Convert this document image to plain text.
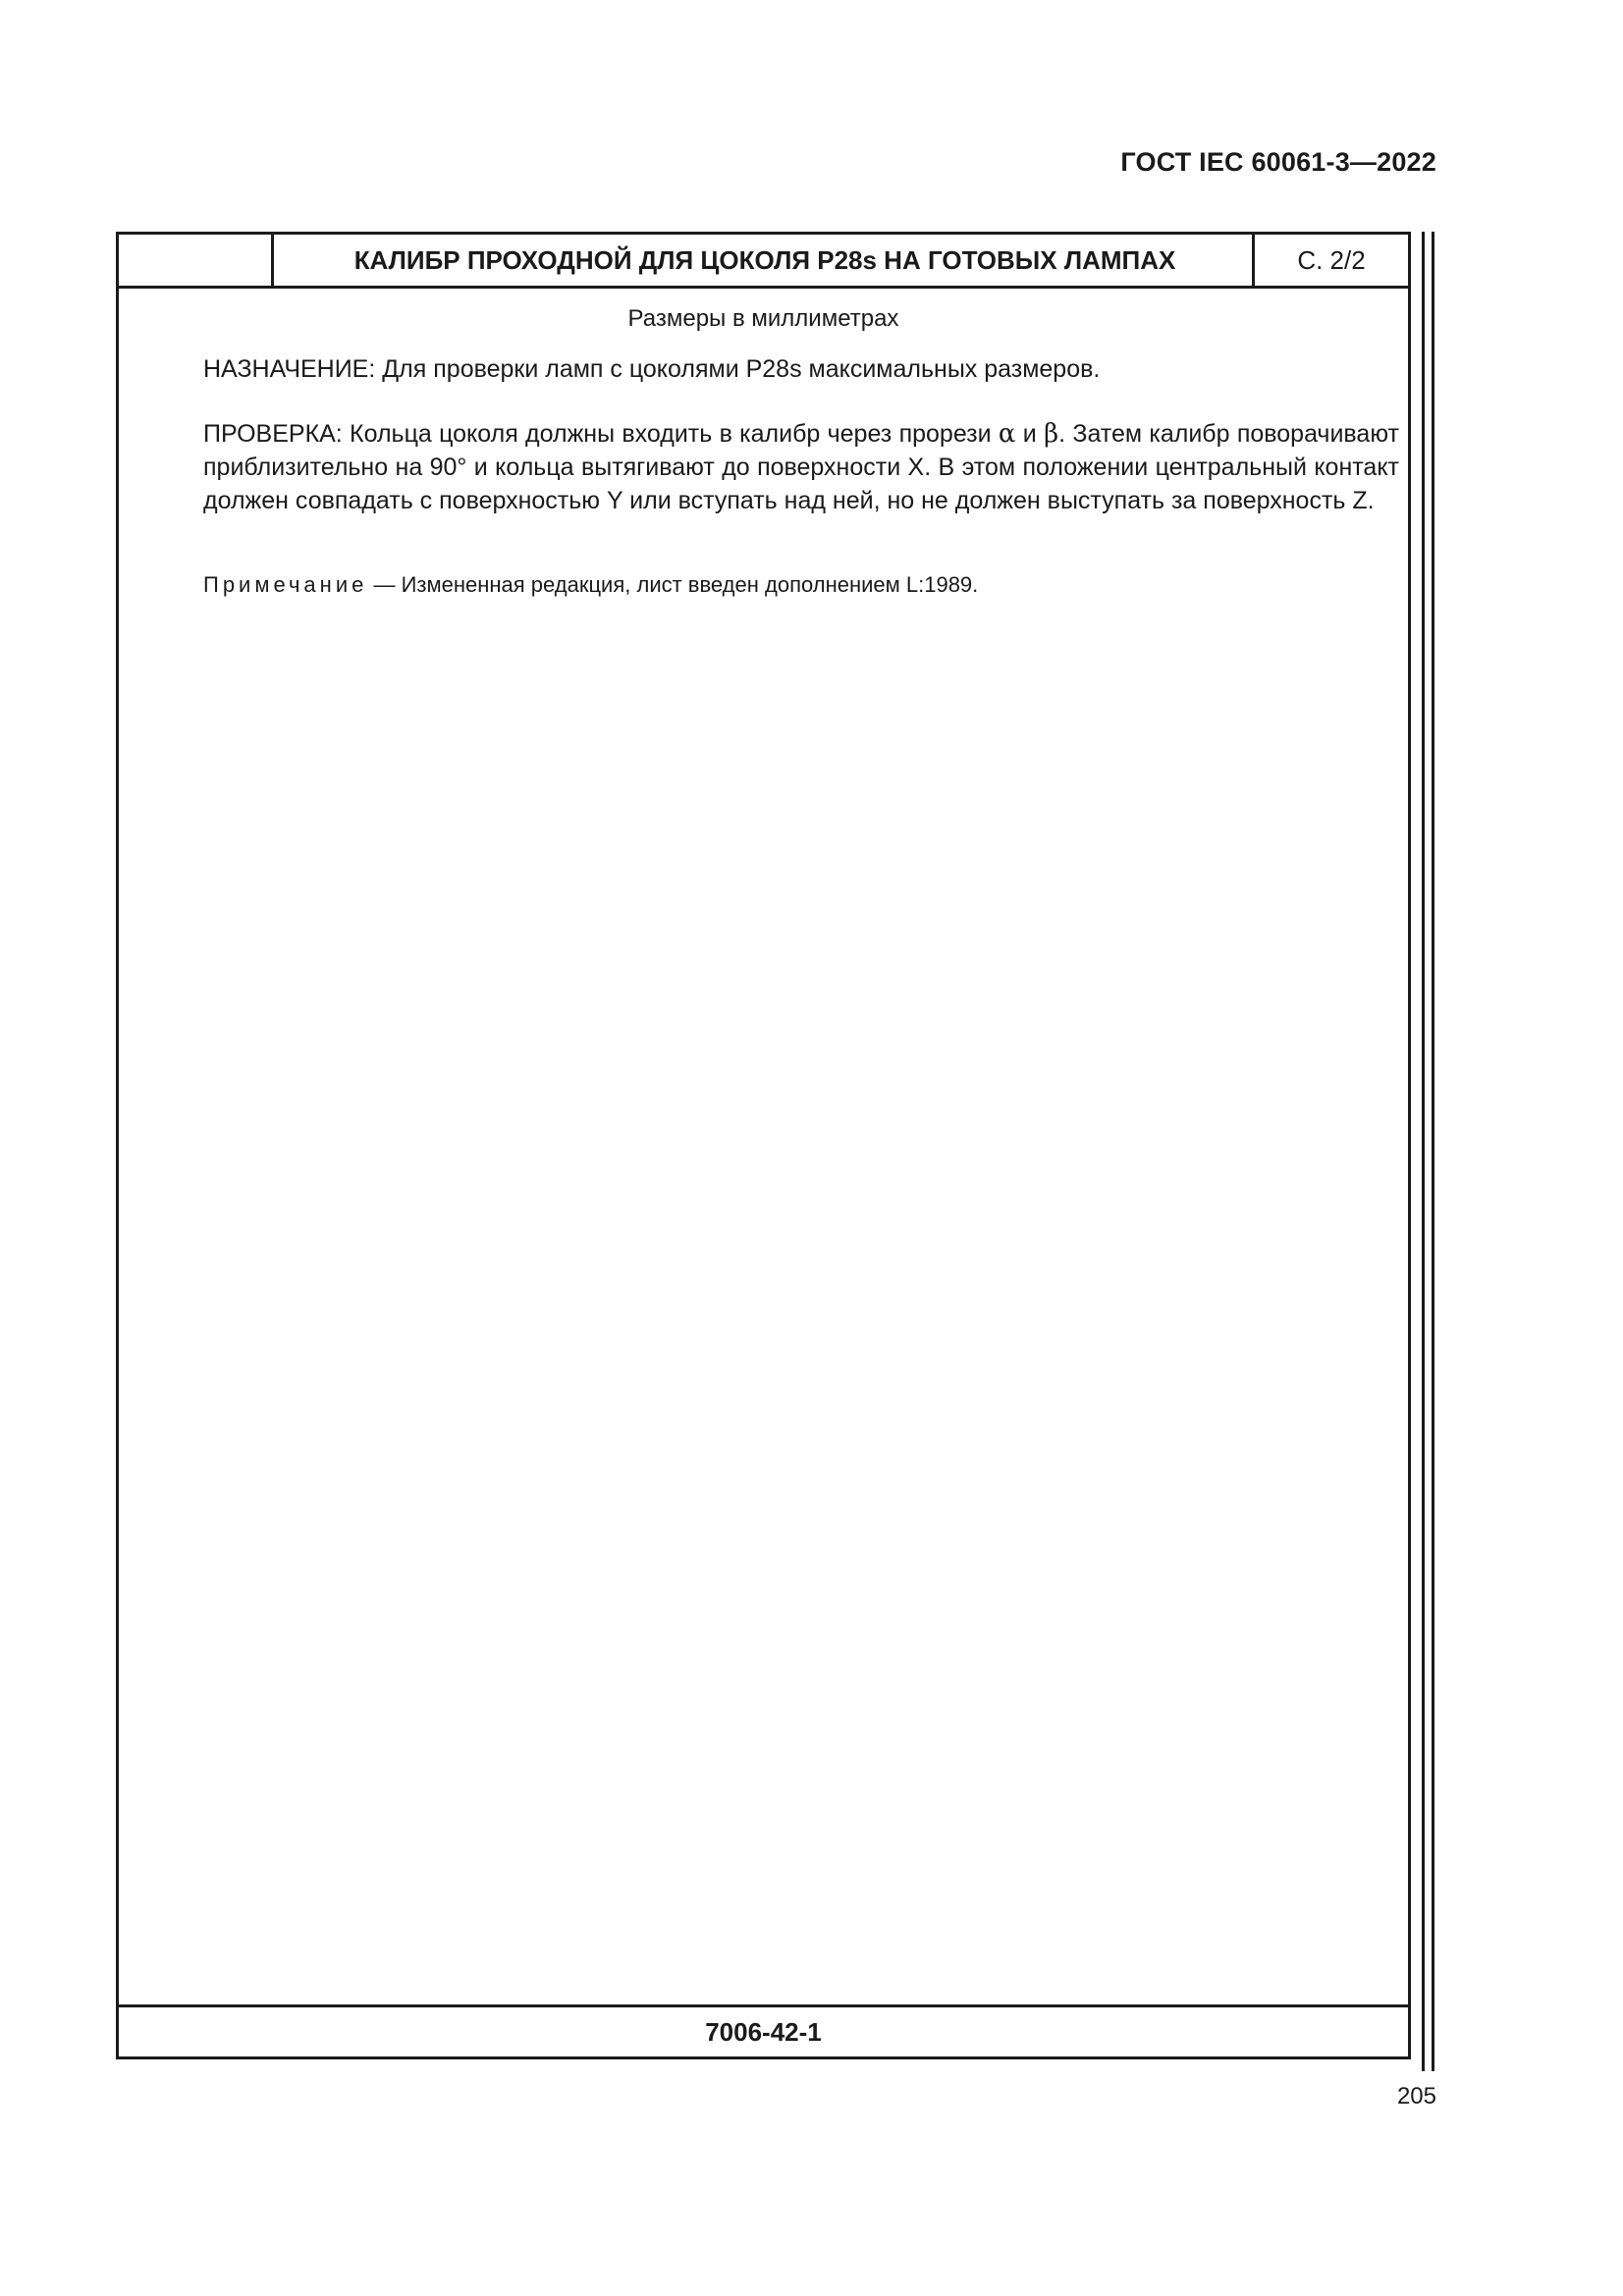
ГОСТ IEC 60061-3—2022
КАЛИБР ПРОХОДНОЙ ДЛЯ ЦОКОЛЯ P28s НА ГОТОВЫХ ЛАМПАХ	С. 2/2
Размеры в миллиметрах
НАЗНАЧЕНИЕ: Для проверки ламп с цоколями P28s максимальных размеров.
ПРОВЕРКА: Кольца цоколя должны входить в калибр через прорези α и β. Затем калибр поворачивают приблизительно на 90° и кольца вытягивают до поверхности X. В этом положении центральный контакт должен совпадать с поверхностью Y или вступать над ней, но не должен выступать за поверхность Z.
Примечание — Измененная редакция, лист введен дополнением L:1989.
7006-42-1
205
